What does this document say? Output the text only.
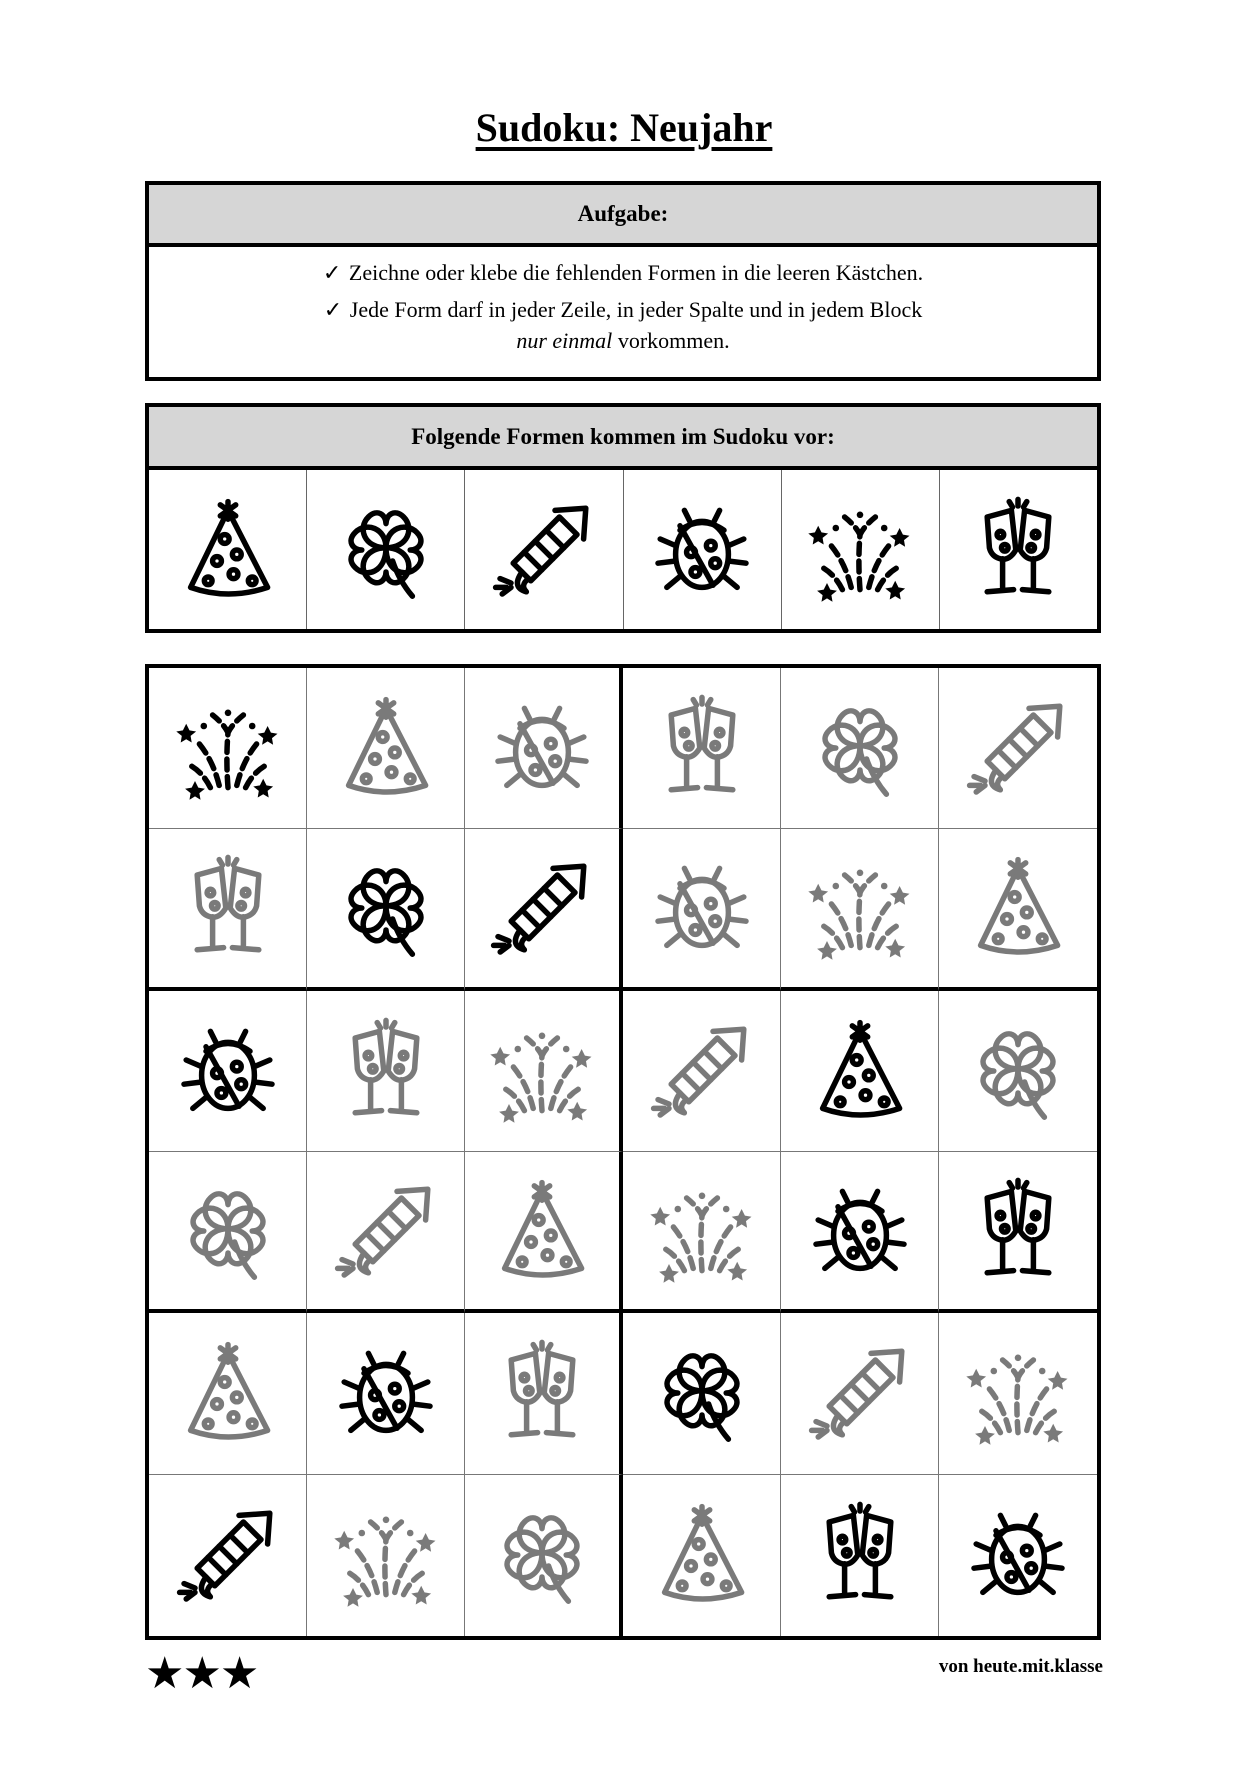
Sudoku: Neujahr
Aufgabe:
✓ Zeichne oder klebe die fehlenden Formen in die leeren Kästchen.
✓ Jede Form darf in jeder Zeile, in jeder Spalte und in jedem Block
nur einmal vorkommen.
Folgende Formen kommen im Sudoku vor:
★★★	von heute.mit.klasse
